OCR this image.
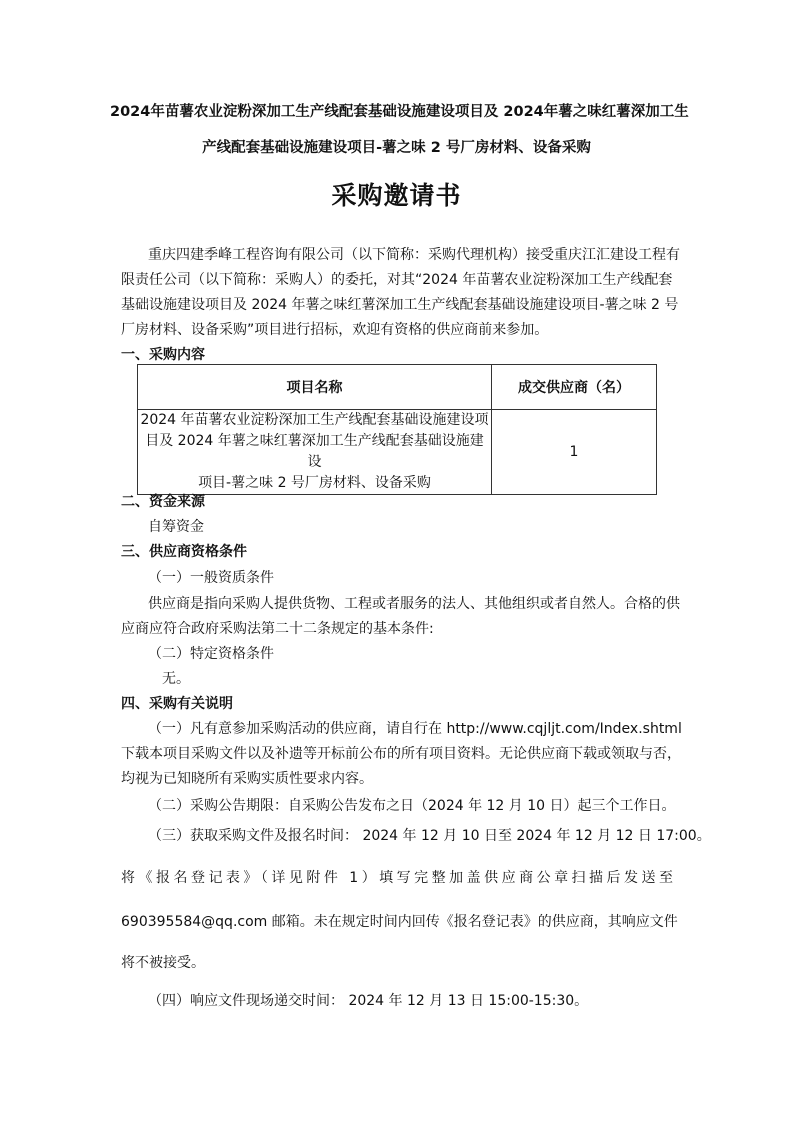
2024年苗薯农业淀粉深加工生产线配套基础设施建设项目及 2024年薯之味红薯深加工生
产线配套基础设施建设项目-薯之味 2 号厂房材料、设备采购
采购邀请书
重庆四建季峰工程咨询有限公司（以下简称：采购代理机构）接受重庆江汇建设工程有
限责任公司（以下简称：采购人）的委托，对其“2024 年苗薯农业淀粉深加工生产线配套
基础设施建设项目及 2024 年薯之味红薯深加工生产线配套基础设施建设项目-薯之味 2 号
厂房材料、设备采购”项目进行招标，欢迎有资格的供应商前来参加。
一、采购内容
项目名称	成交供应商（名）

2024 年苗薯农业淀粉深加工生产线配套基础设施建设项
目及 2024 年薯之味红薯深加工生产线配套基础设施建设
项目-薯之味 2 号厂房材料、设备采购	1
二、资金来源
自筹资金
三、供应商资格条件
（一）一般资质条件
供应商是指向采购人提供货物、工程或者服务的法人、其他组织或者自然人。合格的供
应商应符合政府采购法第二十二条规定的基本条件:
（二）特定资格条件
无。
四、采购有关说明
（一）凡有意参加采购活动的供应商，请自行在 http://www.cqjljt.com/Index.shtml
下载本项目采购文件以及补遗等开标前公布的所有项目资料。无论供应商下载或领取与否，
均视为已知晓所有采购实质性要求内容。
（二）采购公告期限：自采购公告发布之日（2024 年 12 月 10 日）起三个工作日。
（三）获取采购文件及报名时间： 2024 年 12 月 10 日至 2024 年 12 月 12 日 17:00。
将《报名登记表》（详见附件 1）填写完整加盖供应商公章扫描后发送至
690395584@qq.com 邮箱。未在规定时间内回传《报名登记表》的供应商，其响应文件
将不被接受。
（四）响应文件现场递交时间： 2024 年 12 月 13 日 15:00-15:30。
